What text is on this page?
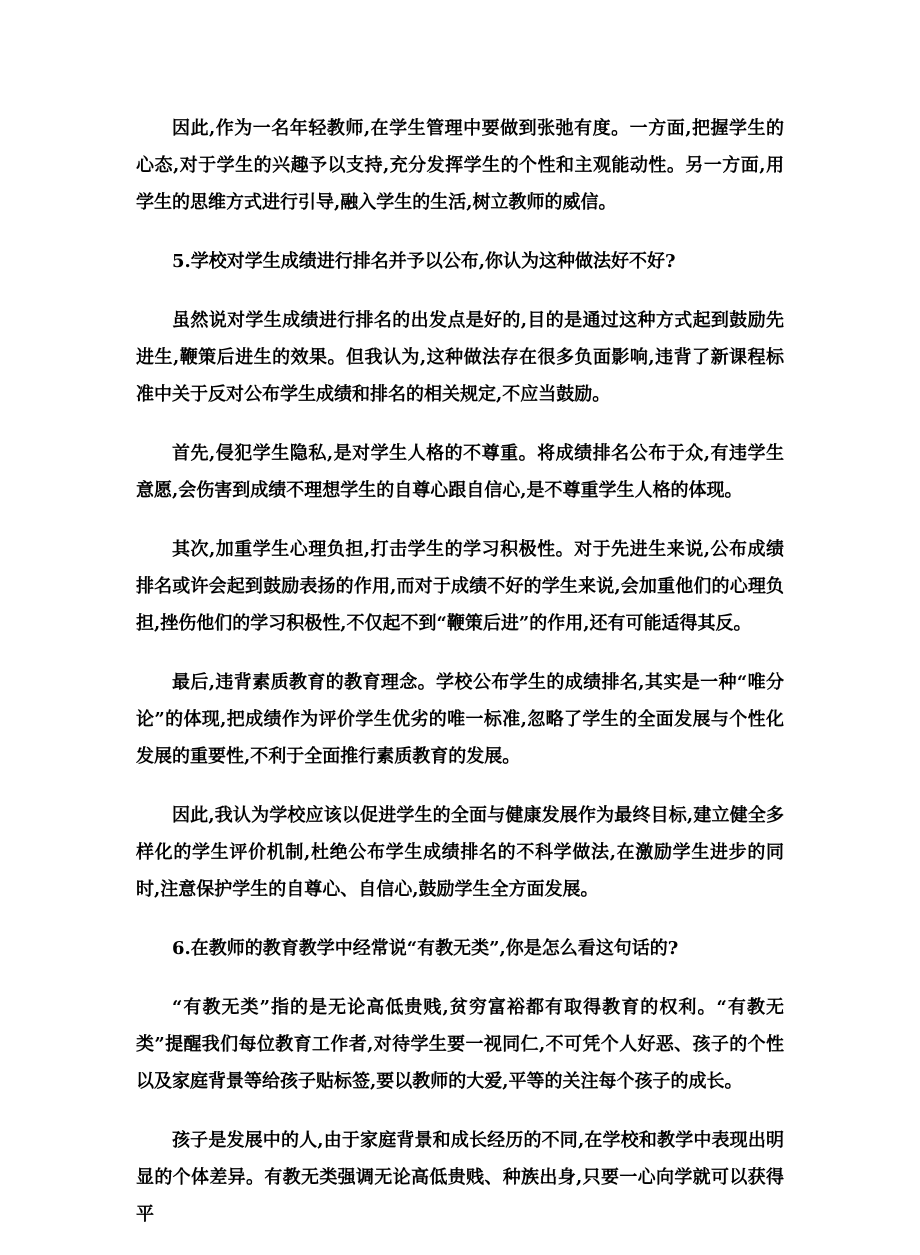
因此,作为一名年轻教师,在学生管理中要做到张弛有度。一方面,把握学生的心态,对于学生的兴趣予以支持,充分发挥学生的个性和主观能动性。另一方面,用学生的思维方式进行引导,融入学生的生活,树立教师的威信。

5.学校对学生成绩进行排名并予以公布,你认为这种做法好不好?

虽然说对学生成绩进行排名的出发点是好的,目的是通过这种方式起到鼓励先进生,鞭策后进生的效果。但我认为,这种做法存在很多负面影响,违背了新课程标准中关于反对公布学生成绩和排名的相关规定,不应当鼓励。

首先,侵犯学生隐私,是对学生人格的不尊重。将成绩排名公布于众,有违学生意愿,会伤害到成绩不理想学生的自尊心跟自信心,是不尊重学生人格的体现。

其次,加重学生心理负担,打击学生的学习积极性。对于先进生来说,公布成绩排名或许会起到鼓励表扬的作用,而对于成绩不好的学生来说,会加重他们的心理负担,挫伤他们的学习积极性,不仅起不到“鞭策后进”的作用,还有可能适得其反。

最后,违背素质教育的教育理念。学校公布学生的成绩排名,其实是一种“唯分论”的体现,把成绩作为评价学生优劣的唯一标准,忽略了学生的全面发展与个性化发展的重要性,不利于全面推行素质教育的发展。

因此,我认为学校应该以促进学生的全面与健康发展作为最终目标,建立健全多样化的学生评价机制,杜绝公布学生成绩排名的不科学做法,在激励学生进步的同时,注意保护学生的自尊心、自信心,鼓励学生全方面发展。

6.在教师的教育教学中经常说“有教无类”,你是怎么看这句话的?

“有教无类”指的是无论高低贵贱,贫穷富裕都有取得教育的权利。“有教无类”提醒我们每位教育工作者,对待学生要一视同仁,不可凭个人好恶、孩子的个性以及家庭背景等给孩子贴标签,要以教师的大爱,平等的关注每个孩子的成长。

孩子是发展中的人,由于家庭背景和成长经历的不同,在学校和教学中表现出明显的个体差异。有教无类强调无论高低贵贱、种族出身,只要一心向学就可以获得平
